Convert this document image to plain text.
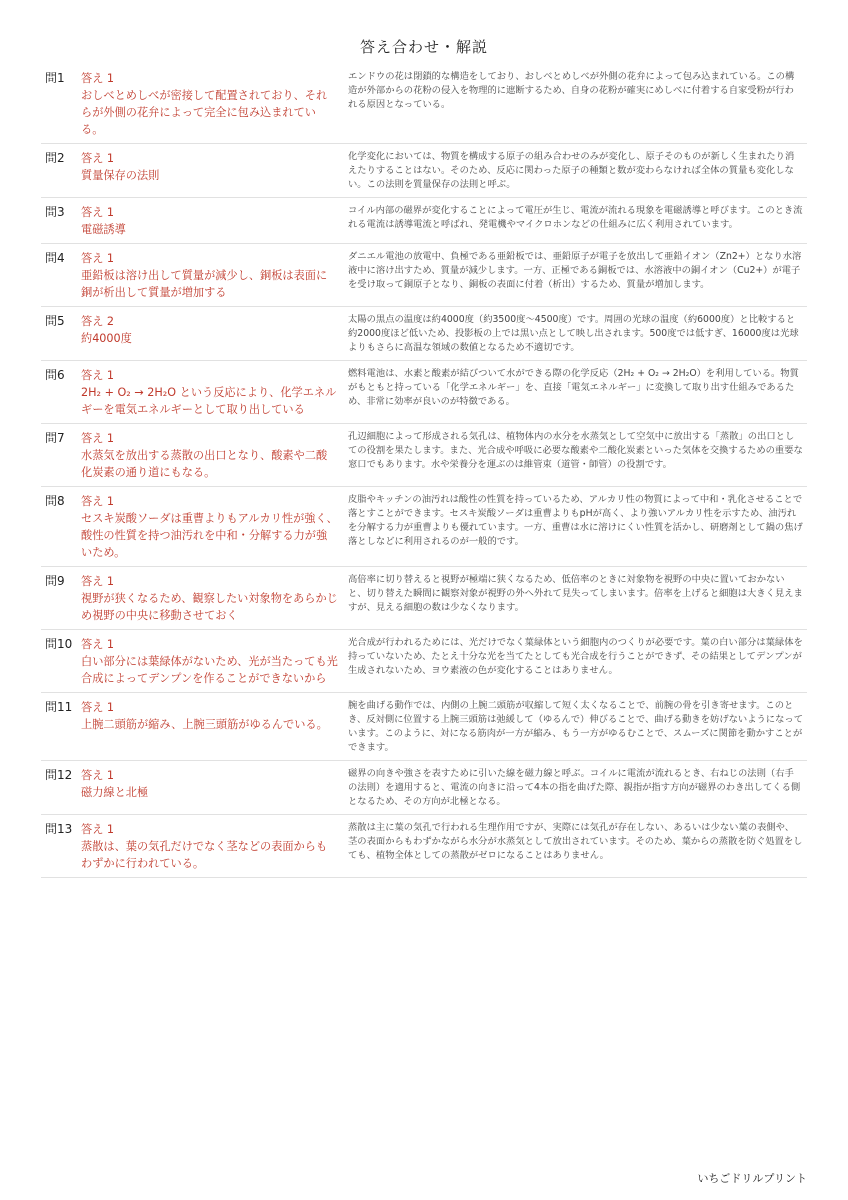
答え合わせ・解説
問1	答え 1
おしべとめしべが密接して配置されており、それらが外側の花弁によって完全に包み込まれている。
エンドウの花は閉鎖的な構造をしており、おしべとめしべが外側の花弁によって包み込まれている。この構造が外部からの花粉の侵入を物理的に遮断するため、自身の花粉が確実にめしべに付着する自家受粉が行われる原因となっている。
問2	答え 1
質量保存の法則
化学変化においては、物質を構成する原子の組み合わせのみが変化し、原子そのものが新しく生まれたり消えたりすることはない。そのため、反応に関わった原子の種類と数が変わらなければ全体の質量も変化しない。この法則を質量保存の法則と呼ぶ。
問3	答え 1
電磁誘導
コイル内部の磁界が変化することによって電圧が生じ、電流が流れる現象を電磁誘導と呼びます。このとき流れる電流は誘導電流と呼ばれ、発電機やマイクロホンなどの仕組みに広く利用されています。
問4	答え 1
亜鉛板は溶け出して質量が減少し、銅板は表面に銅が析出して質量が増加する
ダニエル電池の放電中、負極である亜鉛板では、亜鉛原子が電子を放出して亜鉛イオン（Zn2+）となり水溶液中に溶け出すため、質量が減少します。一方、正極である銅板では、水溶液中の銅イオン（Cu2+）が電子を受け取って銅原子となり、銅板の表面に付着（析出）するため、質量が増加します。
問5	答え 2
約4000度
太陽の黒点の温度は約4000度（約3500度〜4500度）です。周囲の光球の温度（約6000度）と比較すると約2000度ほど低いため、投影板の上では黒い点として映し出されます。500度では低すぎ、16000度は光球よりもさらに高温な領域の数値となるため不適切です。
問6	答え 1
2H₂ + O₂ → 2H₂O という反応により、化学エネルギーを電気エネルギーとして取り出している
燃料電池は、水素と酸素が結びついて水ができる際の化学反応（2H₂ + O₂ → 2H₂O）を利用している。物質がもともと持っている「化学エネルギー」を、直接「電気エネルギー」に変換して取り出す仕組みであるため、非常に効率が良いのが特徴である。
問7	答え 1
水蒸気を放出する蒸散の出口となり、酸素や二酸化炭素の通り道にもなる。
孔辺細胞によって形成される気孔は、植物体内の水分を水蒸気として空気中に放出する「蒸散」の出口としての役割を果たします。また、光合成や呼吸に必要な酸素や二酸化炭素といった気体を交換するための重要な窓口でもあります。水や栄養分を運ぶのは維管束（道管・師管）の役割です。
問8	答え 1
セスキ炭酸ソーダは重曹よりもアルカリ性が強く、酸性の性質を持つ油汚れを中和・分解する力が強いため。
皮脂やキッチンの油汚れは酸性の性質を持っているため、アルカリ性の物質によって中和・乳化させることで落とすことができます。セスキ炭酸ソーダは重曹よりもpHが高く、より強いアルカリ性を示すため、油汚れを分解する力が重曹よりも優れています。一方、重曹は水に溶けにくい性質を活かし、研磨剤として鍋の焦げ落としなどに利用されるのが一般的です。
問9	答え 1
視野が狭くなるため、観察したい対象物をあらかじめ視野の中央に移動させておく
高倍率に切り替えると視野が極端に狭くなるため、低倍率のときに対象物を視野の中央に置いておかないと、切り替えた瞬間に観察対象が視野の外へ外れて見失ってしまいます。倍率を上げると細胞は大きく見えますが、見える細胞の数は少なくなります。
問10 答え 1
白い部分には葉緑体がないため、光が当たっても光合成によってデンプンを作ることができないから
光合成が行われるためには、光だけでなく葉緑体という細胞内のつくりが必要です。葉の白い部分は葉緑体を持っていないため、たとえ十分な光を当てたとしても光合成を行うことができず、その結果としてデンプンが生成されないため、ヨウ素液の色が変化することはありません。
問11 答え 1
上腕二頭筋が縮み、上腕三頭筋がゆるんでいる。
腕を曲げる動作では、内側の上腕二頭筋が収縮して短く太くなることで、前腕の骨を引き寄せます。このとき、反対側に位置する上腕三頭筋は弛緩して（ゆるんで）伸びることで、曲げる動きを妨げないようになっています。このように、対になる筋肉が一方が縮み、もう一方がゆるむことで、スムーズに関節を動かすことができます。
問12 答え 1
磁力線と北極
磁界の向きや強さを表すために引いた線を磁力線と呼ぶ。コイルに電流が流れるとき、右ねじの法則（右手の法則）を適用すると、電流の向きに沿って4本の指を曲げた際、親指が指す方向が磁界のわき出してくる側となるため、その方向が北極となる。
問13 答え 1
蒸散は、葉の気孔だけでなく茎などの表面からもわずかに行われている。
蒸散は主に葉の気孔で行われる生理作用ですが、実際には気孔が存在しない、あるいは少ない葉の表側や、茎の表面からもわずかながら水分が水蒸気として放出されています。そのため、葉からの蒸散を防ぐ処置をしても、植物全体としての蒸散がゼロになることはありません。
いちごドリルプリント
